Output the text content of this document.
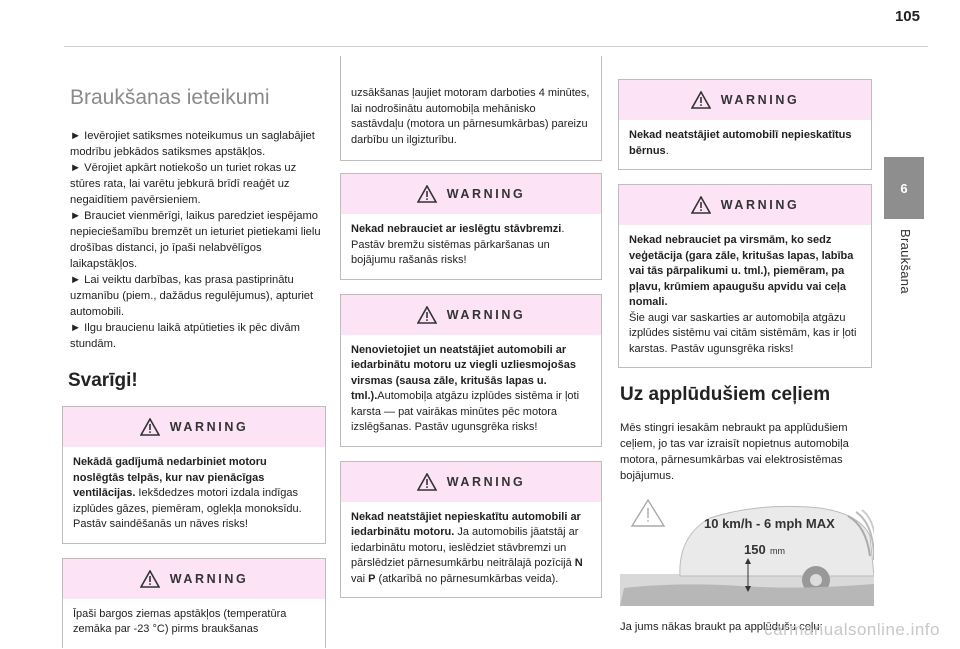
105
6
Braukšana
Braukšanas ieteikumi

► Ievērojiet satiksmes noteikumus un saglabājiet modrību jebkādos satiksmes apstākļos.

► Vērojiet apkārt notiekošo un turiet rokas uz stūres rata, lai varētu jebkurā brīdī reaģēt uz negaidītiem pavērsieniem.

► Brauciet vienmērīgi, laikus paredziet iespējamo nepieciešamību bremzēt un ieturiet pietiekami lielu drošības distanci, jo īpaši nelabvēlīgos laikapstākļos.

► Lai veiktu darbības, kas prasa pastiprinātu uzmanību (piem., dažādus regulējumus), apturiet automobili.

► Ilgu braucienu laikā atpūtieties ik pēc divām stundām.

Svarīgi!
WARNING
Nekādā gadījumā nedarbiniet motoru noslēgtās telpās, kur nav pienācīgas ventilācijas. Iekšdedzes motori izdala indīgas izplūdes gāzes, piemēram, oglekļa monoksīdu. Pastāv saindēšanās un nāves risks!
WARNING
Īpaši bargos ziemas apstākļos (temperatūra zemāka par -23 °C) pirms braukšanas
uzsākšanas ļaujiet motoram darboties 4 minūtes, lai nodrošinātu automobiļa mehānisko sastāvdaļu (motora un pārnesumkārbas) pareizu darbību un ilgizturību.
WARNING
Nekad nebrauciet ar ieslēgtu stāvbremzi. Pastāv bremžu sistēmas pārkaršanas un bojājumu rašanās risks!
WARNING
Nenovietojiet un neatstājiet automobili ar iedarbinātu motoru uz viegli uzliesmojošas virsmas (sausa zāle, kritušās lapas u. tml.).Automobiļa atgāzu izplūdes sistēma ir ļoti karsta — pat vairākas minūtes pēc motora izslēgšanas. Pastāv ugunsgrēka risks!
WARNING
Nekad neatstājiet nepieskatītu automobili ar iedarbinātu motoru. Ja automobilis jāatstāj ar iedarbinātu motoru, ieslēdziet stāvbremzi un pārslēdziet pārnesumkārbu neitrālajā pozīcijā N vai P (atkarībā no pārnesumkārbas veida).
WARNING
Nekad neatstājiet automobilī nepieskatītus bērnus.
WARNING
Nekad nebrauciet pa virsmām, ko sedz veģetācija (gara zāle, kritušas lapas, labība vai tās pārpalikumi u. tml.), piemēram, pa pļavu, krūmiem apaugušu apvidu vai ceļa nomali.
Šie augi var saskarties ar automobiļa atgāzu izplūdes sistēmu vai citām sistēmām, kas ir ļoti karstas. Pastāv ugunsgrēka risks!
Uz applūdušiem ceļiem
Mēs stingri iesakām nebraukt pa applūdušiem ceļiem, jo tas var izraisīt nopietnus automobiļa motora, pārnesumkārbas vai elektrosistēmas bojājumus.
10 km/h - 6 mph MAX
150 mm
Ja jums nākas braukt pa applūdušu ceļu:
carmanualsonline.info
